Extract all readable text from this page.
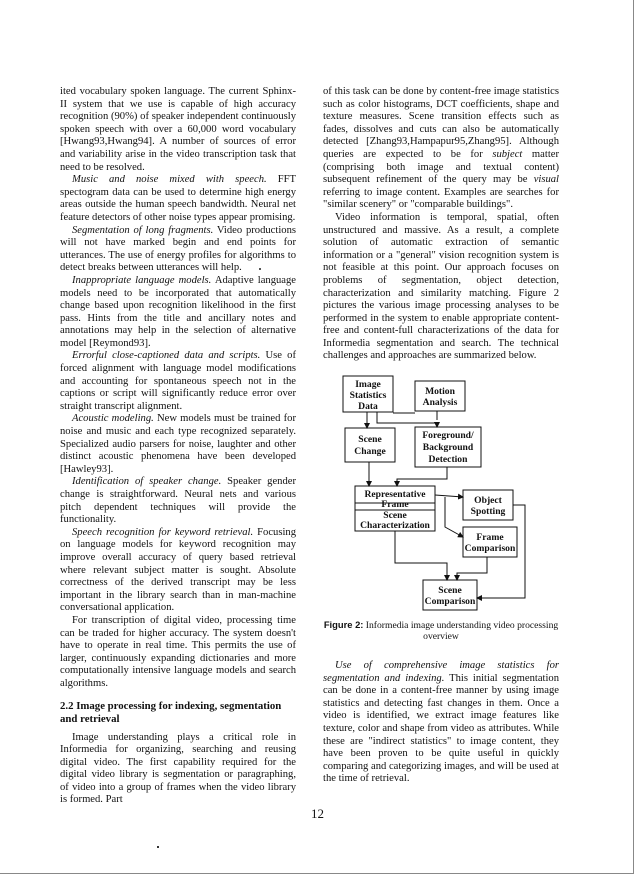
ited vocabulary spoken language. The current Sphinx-II system that we use is capable of high accuracy recognition (90%) of speaker independent continuously spoken speech with over a 60,000 word vocabulary [Hwang93,Hwang94]. A number of sources of error and variability arise in the video transcription task that need to be resolved.

Music and noise mixed with speech. FFT spectogram data can be used to determine high energy areas outside the human speech bandwidth. Neural net feature detectors of other noise types appear promising.

Segmentation of long fragments. Video productions will not have marked begin and end points for utterances. The use of energy profiles for algorithms to detect breaks between utterances will help.

Inappropriate language models. Adaptive language models need to be incorporated that automatically change based upon recognition likelihood in the first pass. Hints from the title and ancillary notes and annotations may help in the selection of alternative model [Reymond93].

Errorful close-captioned data and scripts. Use of forced alignment with language model modifications and accounting for spontaneous speech not in the captions or script will significantly reduce error over straight transcript alignment.

Acoustic modeling. New models must be trained for noise and music and each type recognized separately. Specialized audio parsers for noise, laughter and other distinct acoustic phenomena have been developed [Hawley93].

Identification of speaker change. Speaker gender change is straightforward. Neural nets and various pitch dependent techniques will provide the functionality.

Speech recognition for keyword retrieval. Focusing on language models for keyword recognition may improve overall accuracy of query based retrieval where relevant subject matter is sought. Absolute correctness of the derived transcript may be less important in the library search than in man-machine conversational application.

For transcription of digital video, processing time can be traded for higher accuracy. The system doesn't have to operate in real time. This permits the use of larger, continuously expanding dictionaries and more computationally intensive language models and search algorithms.

2.2 Image processing for indexing, segmentation and retrieval

Image understanding plays a critical role in Informedia for organizing, searching and reusing digital video. The first capability required for the digital video library is segmentation or paragraphing, of video into a group of frames when the video library is formed. Part

of this task can be done by content-free image statistics such as color histograms, DCT coefficients, shape and texture measures. Scene transition effects such as fades, dissolves and cuts can also be automatically detected [Zhang93,Hampapur95,Zhang95]. Although queries are expected to be for subject matter (comprising both image and textual content) subsequent refinement of the query may be visual referring to image content. Examples are searches for "similar scenery" or "comparable buildings".

Video information is temporal, spatial, often unstructured and massive. As a result, a complete solution of automatic extraction of semantic information or a "general" vision recognition system is not feasible at this point. Our approach focuses on problems of segmentation, object detection, characterization and similarity matching. Figure 2 pictures the various image processing analyses to be performed in the system to enable appropriate content-free and content-full characterizations of the data for Informedia segmentation and search. The technical challenges and approaches are summarized below.

Image
Statistics
Data
Motion
Analysis
Scene
Change
Foreground/
Background
Detection
Representative
Frame
Scene
Characterization
Object
Spotting
Frame
Comparison
Scene
Comparison
Figure 2: Informedia image understanding video processing overview

Use of comprehensive image statistics for segmentation and indexing. This initial segmentation can be done in a content-free manner by using image statistics and detecting fast changes in them. Once a video is identified, we extract image features like texture, color and shape from video as attributes. While these are "indirect statistics" to image content, they have been proven to be quite useful in quickly comparing and categorizing images, and will be used at the time of retrieval.

12
